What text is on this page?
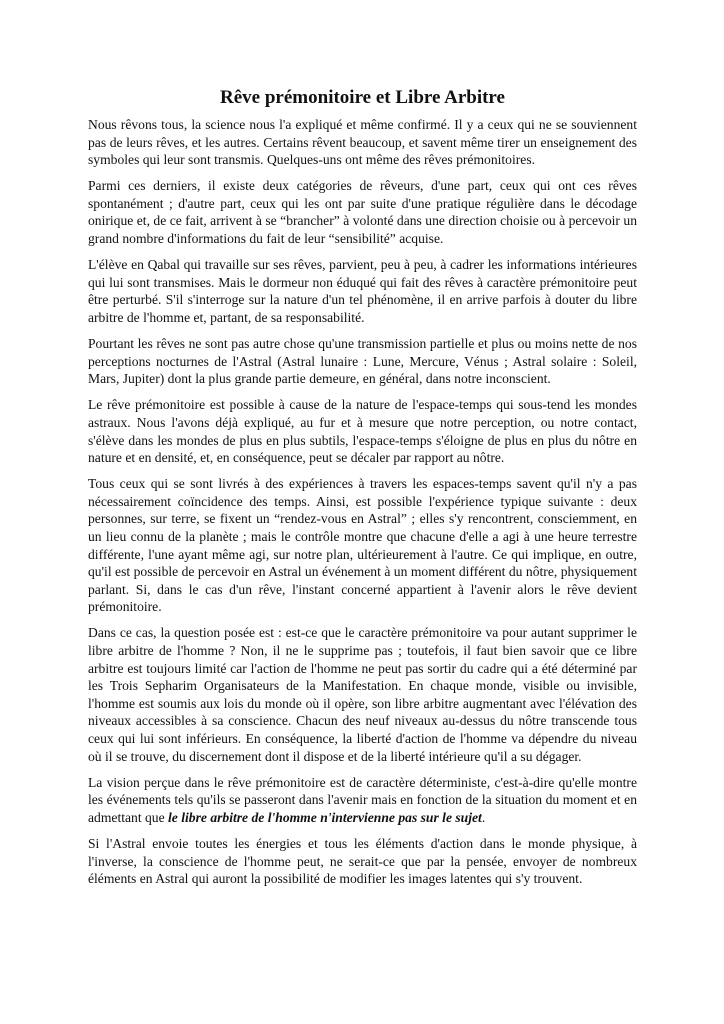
Rêve prémonitoire et Libre Arbitre

Nous rêvons tous, la science nous l'a expliqué et même confirmé. Il y a ceux qui ne se souviennent pas de leurs rêves, et les autres. Certains rêvent beaucoup, et savent même tirer un enseignement des symboles qui leur sont transmis. Quelques-uns ont même des rêves prémonitoires.

Parmi ces derniers, il existe deux catégories de rêveurs, d'une part, ceux qui ont ces rêves spontanément ; d'autre part, ceux qui les ont par suite d'une pratique régulière dans le décodage onirique et, de ce fait, arrivent à se “brancher” à volonté dans une direction choisie ou à percevoir un grand nombre d'informations du fait de leur “sensibilité” acquise.

L'élève en Qabal qui travaille sur ses rêves, parvient, peu à peu, à cadrer les informations intérieures qui lui sont transmises. Mais le dormeur non éduqué qui fait des rêves à caractère prémonitoire peut être perturbé. S'il s'interroge sur la nature d'un tel phénomène, il en arrive parfois à douter du libre arbitre de l'homme et, partant, de sa responsabilité.

Pourtant les rêves ne sont pas autre chose qu'une transmission partielle et plus ou moins nette de nos perceptions nocturnes de l'Astral (Astral lunaire : Lune, Mercure, Vénus ; Astral solaire : Soleil, Mars, Jupiter) dont la plus grande partie demeure, en général, dans notre inconscient.

Le rêve prémonitoire est possible à cause de la nature de l'espace-temps qui sous-tend les mondes astraux. Nous l'avons déjà expliqué, au fur et à mesure que notre perception, ou notre contact, s'élève dans les mondes de plus en plus subtils, l'espace-temps s'éloigne de plus en plus du nôtre en nature et en densité, et, en conséquence, peut se décaler par rapport au nôtre.

Tous ceux qui se sont livrés à des expériences à travers les espaces-temps savent qu'il n'y a pas nécessairement coïncidence des temps. Ainsi, est possible l'expérience typique suivante : deux personnes, sur terre, se fixent un “rendez-vous en Astral” ; elles s'y rencontrent, consciemment, en un lieu connu de la planète ; mais le contrôle montre que chacune d'elle a agi à une heure terrestre différente, l'une ayant même agi, sur notre plan, ultérieurement à l'autre. Ce qui implique, en outre, qu'il est possible de percevoir en Astral un événement à un moment différent du nôtre, physiquement parlant. Si, dans le cas d'un rêve, l'instant concerné appartient à l'avenir alors le rêve devient prémonitoire.

Dans ce cas, la question posée est : est-ce que le caractère prémonitoire va pour autant supprimer le libre arbitre de l'homme ? Non, il ne le supprime pas ; toutefois, il faut bien savoir que ce libre arbitre est toujours limité car l'action de l'homme ne peut pas sortir du cadre qui a été déterminé par les Trois Sepharim Organisateurs de la Manifestation. En chaque monde, visible ou invisible, l'homme est soumis aux lois du monde où il opère, son libre arbitre augmentant avec l'élévation des niveaux accessibles à sa conscience. Chacun des neuf niveaux au-dessus du nôtre transcende tous ceux qui lui sont inférieurs. En conséquence, la liberté d'action de l'homme va dépendre du niveau où il se trouve, du discernement dont il dispose et de la liberté intérieure qu'il a su dégager.

La vision perçue dans le rêve prémonitoire est de caractère déterministe, c'est-à-dire qu'elle montre les événements tels qu'ils se passeront dans l'avenir mais en fonction de la situation du moment et en admettant que le libre arbitre de l'homme n'intervienne pas sur le sujet.

Si l'Astral envoie toutes les énergies et tous les éléments d'action dans le monde physique, à l'inverse, la conscience de l'homme peut, ne serait-ce que par la pensée, envoyer de nombreux éléments en Astral qui auront la possibilité de modifier les images latentes qui s'y trouvent.
